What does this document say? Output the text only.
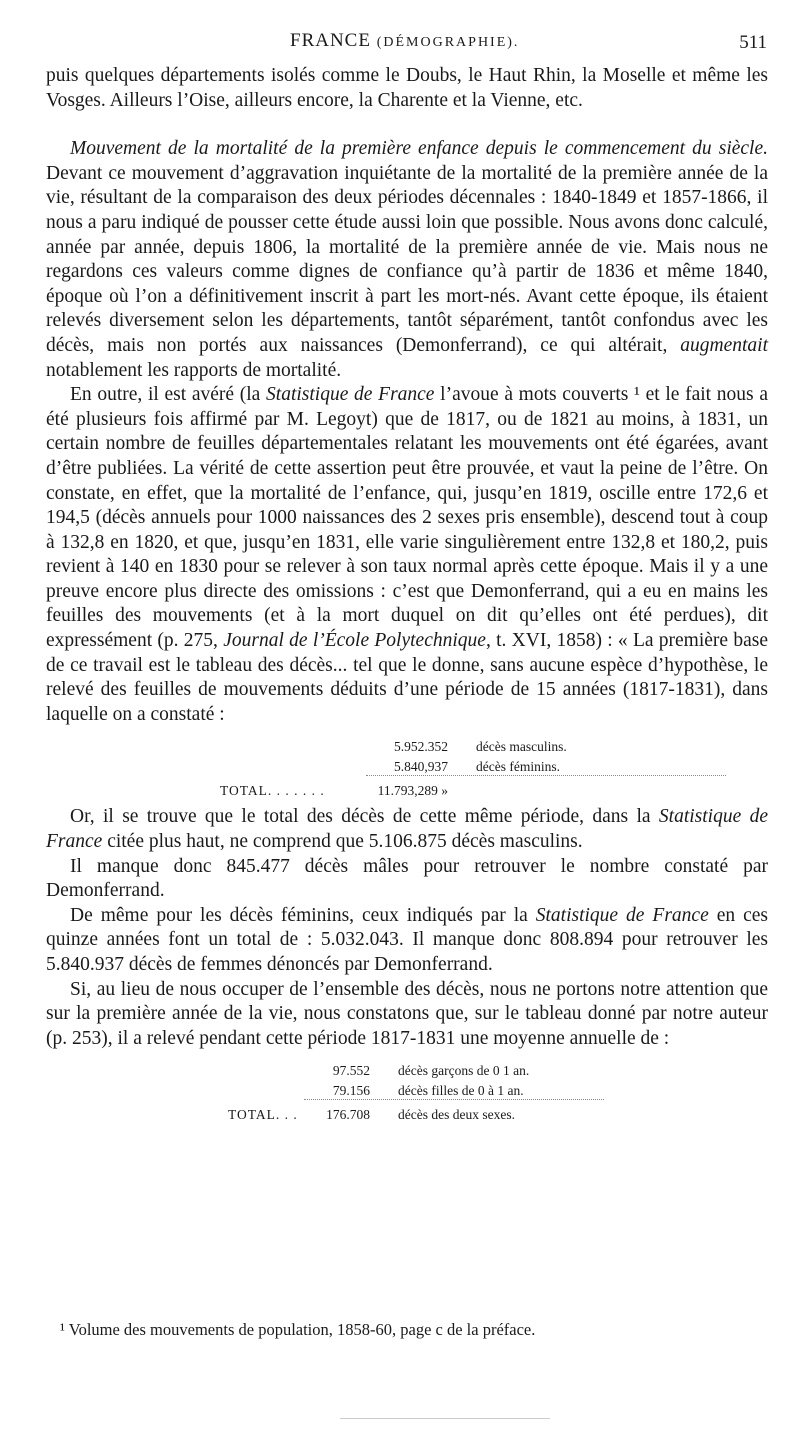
FRANCE (DÉMOGRAPHIE).	511

puis quelques départements isolés comme le Doubs, le Haut Rhin, la Moselle et même les Vosges. Ailleurs l’Oise, ailleurs encore, la Charente et la Vienne, etc.

Mouvement de la mortalité de la première enfance depuis le commencement du siècle. Devant ce mouvement d’aggravation inquiétante de la mortalité de la première année de la vie, résultant de la comparaison des deux périodes décennales : 1840-1849 et 1857-1866, il nous a paru indiqué de pousser cette étude aussi loin que possible. Nous avons donc calculé, année par année, depuis 1806, la mortalité de la première année de vie. Mais nous ne regardons ces valeurs comme dignes de confiance qu’à partir de 1836 et même 1840, époque où l’on a définitivement inscrit à part les mort-nés. Avant cette époque, ils étaient relevés diversement selon les départements, tantôt séparément, tantôt confondus avec les décès, mais non portés aux naissances (Demonferrand), ce qui altérait, augmentait notablement les rapports de mortalité.

En outre, il est avéré (la Statistique de France l’avoue à mots couverts ¹ et le fait nous a été plusieurs fois affirmé par M. Legoyt) que de 1817, ou de 1821 au moins, à 1831, un certain nombre de feuilles départementales relatant les mouvements ont été égarées, avant d’être publiées. La vérité de cette assertion peut être prouvée, et vaut la peine de l’être. On constate, en effet, que la mortalité de l’enfance, qui, jusqu’en 1819, oscille entre 172,6 et 194,5 (décès annuels pour 1000 naissances des 2 sexes pris ensemble), descend tout à coup à 132,8 en 1820, et que, jusqu’en 1831, elle varie singulièrement entre 132,8 et 180,2, puis revient à 140 en 1830 pour se relever à son taux normal après cette époque. Mais il y a une preuve encore plus directe des omissions : c’est que Demonferrand, qui a eu en mains les feuilles des mouvements (et à la mort duquel on dit qu’elles ont été perdues), dit expressément (p. 275, Journal de l’École Polytechnique, t. XVI, 1858) : « La première base de ce travail est le tableau des décès... tel que le donne, sans aucune espèce d’hypothèse, le relevé des feuilles de mouvements déduits d’une période de 15 années (1817-1831), dans laquelle on a constaté :

5.952.352 décès masculins.
5.840,937 décès féminins.
TOTAL. . . . . . .	11.793,289 »

Or, il se trouve que le total des décès de cette même période, dans la Statistique de France citée plus haut, ne comprend que 5.106.875 décès masculins.

Il manque donc 845.477 décès mâles pour retrouver le nombre constaté par Demonferrand.

De même pour les décès féminins, ceux indiqués par la Statistique de France en ces quinze années font un total de : 5.032.043. Il manque donc 808.894 pour retrouver les 5.840.937 décès de femmes dénoncés par Demonferrand.

Si, au lieu de nous occuper de l’ensemble des décès, nous ne portons notre attention que sur la première année de la vie, nous constatons que, sur le tableau donné par notre auteur (p. 253), il a relevé pendant cette période 1817-1831 une moyenne annuelle de :

97.552 décès garçons de 0 1 an.
79.156 décès filles de 0 à 1 an.
TOTAL. . .	176.708 décès des deux sexes.
¹ Volume des mouvements de population, 1858-60, page c de la préface.
